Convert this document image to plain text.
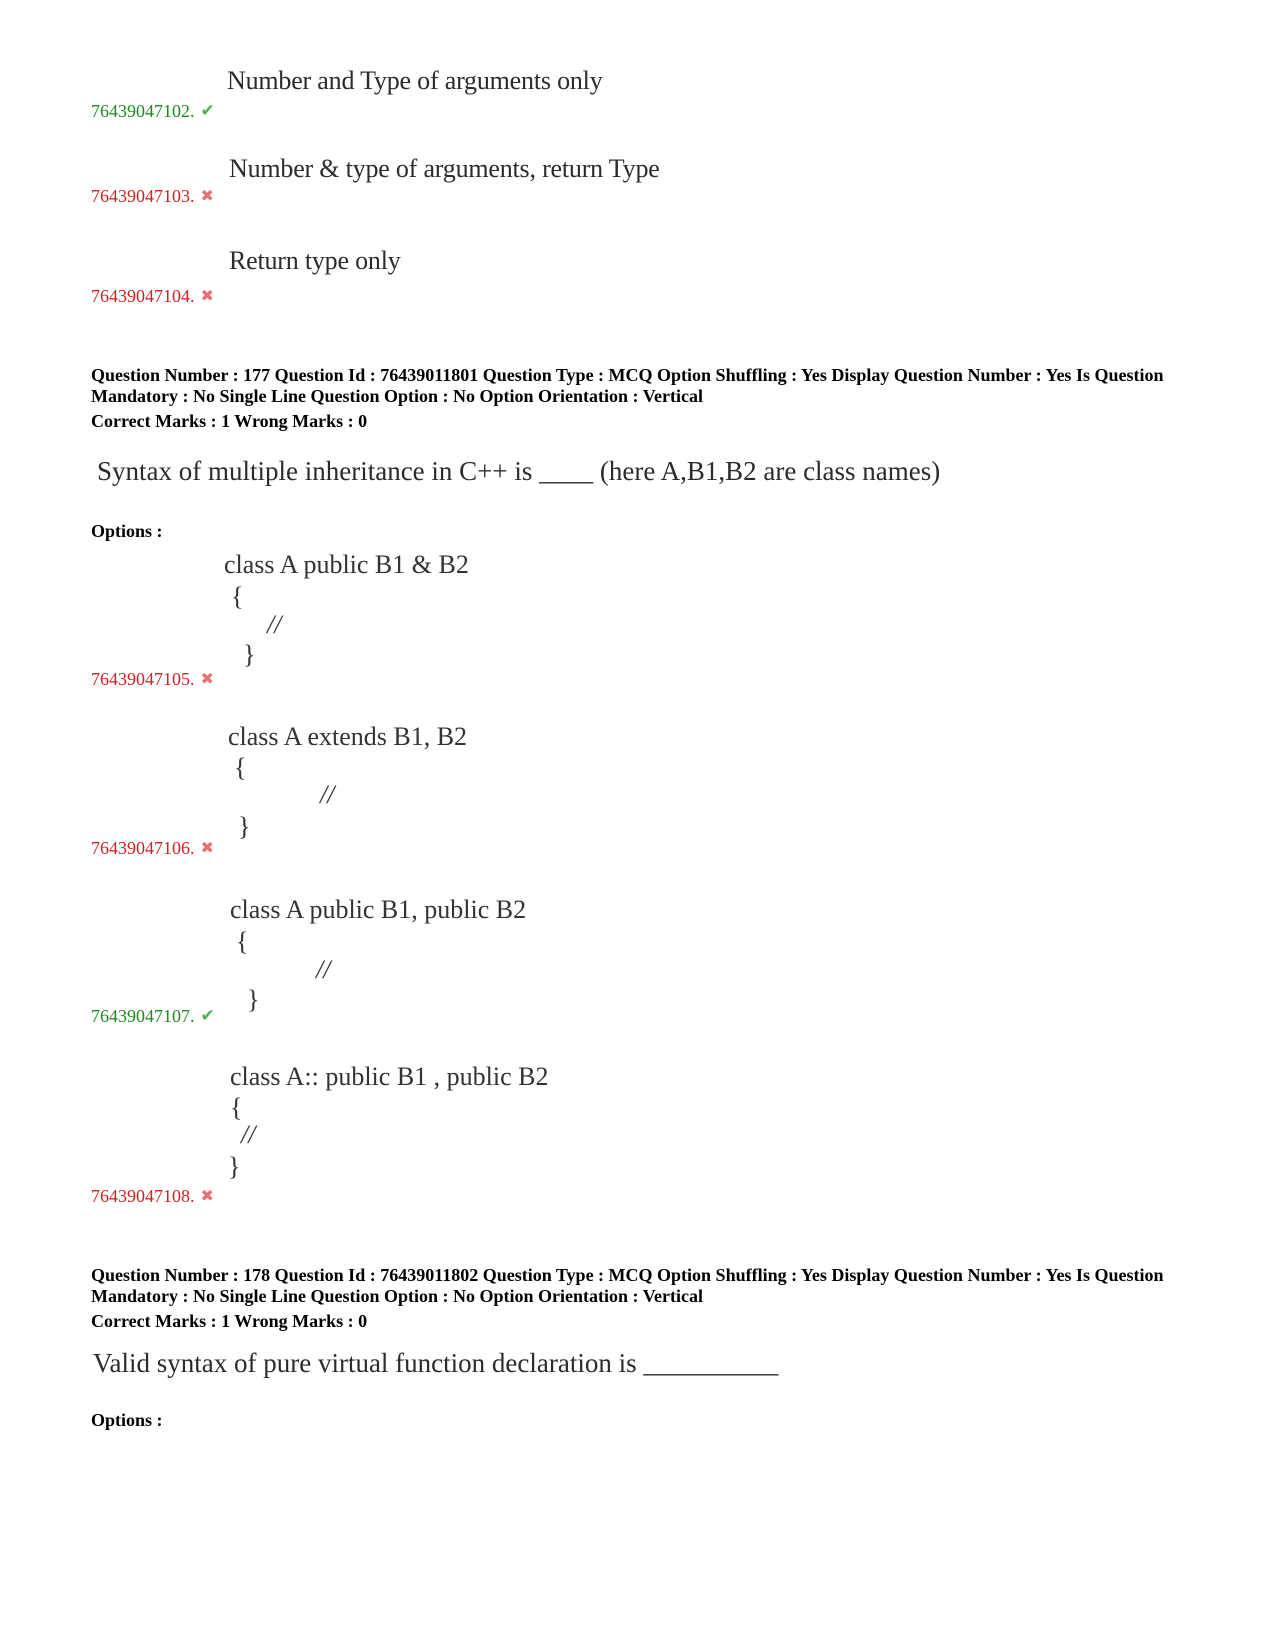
Number and Type of arguments only
76439047102. ✔
Number & type of arguments, return Type
76439047103. ✖
Return type only
76439047104. ✖
Question Number : 177 Question Id : 76439011801 Question Type : MCQ Option Shuffling : Yes Display Question Number : Yes Is Question Mandatory : No Single Line Question Option : No Option Orientation : Vertical
Correct Marks : 1 Wrong Marks : 0
Syntax of multiple inheritance in C++ is ____ (here A,B1,B2 are class names)
Options :
class A public B1 & B2
{
//
}
76439047105. ✖
class A extends B1, B2
{
//
}
76439047106. ✖
class A public B1, public B2
{
//
}
76439047107. ✔
class A:: public B1 , public B2
{
//
}
76439047108. ✖
Question Number : 178 Question Id : 76439011802 Question Type : MCQ Option Shuffling : Yes Display Question Number : Yes Is Question Mandatory : No Single Line Question Option : No Option Orientation : Vertical
Correct Marks : 1 Wrong Marks : 0
Valid syntax of pure virtual function declaration is __________
Options :
